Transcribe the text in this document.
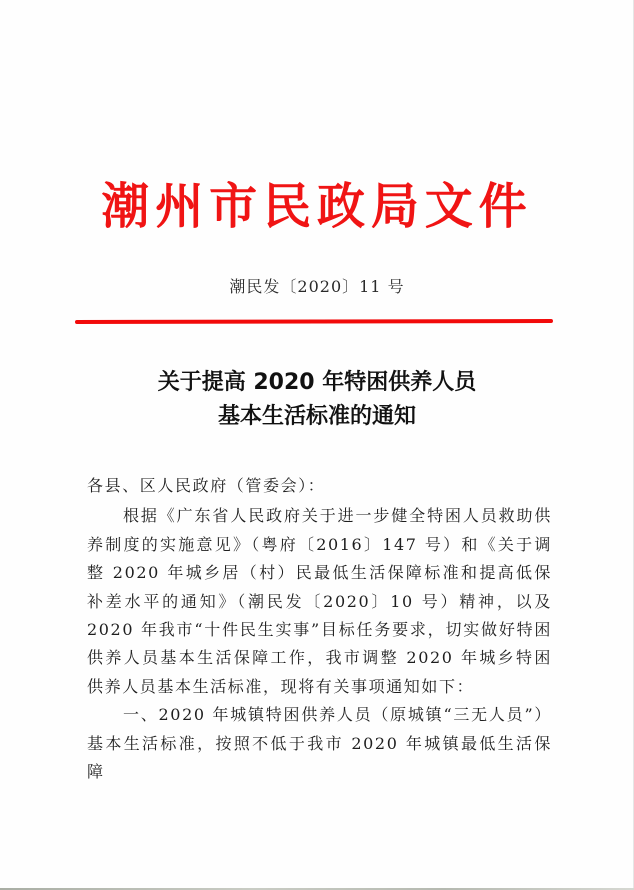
潮州市民政局文件
潮民发〔2020〕11 号
关于提高 2020 年特困供养人员
基本生活标准的通知

各县、区人民政府（管委会）：

根据《广东省人民政府关于进一步健全特困人员救助供养制度的实施意见》（粤府〔2016〕147 号）和《关于调整 2020 年城乡居（村）民最低生活保障标准和提高低保补差水平的通知》（潮民发〔2020〕10 号）精神，以及 2020 年我市“十件民生实事”目标任务要求，切实做好特困供养人员基本生活保障工作，我市调整 2020 年城乡特困供养人员基本生活标准，现将有关事项通知如下：

一、2020 年城镇特困供养人员（原城镇“三无人员”）基本生活标准，按照不低于我市 2020 年城镇最低生活保障
